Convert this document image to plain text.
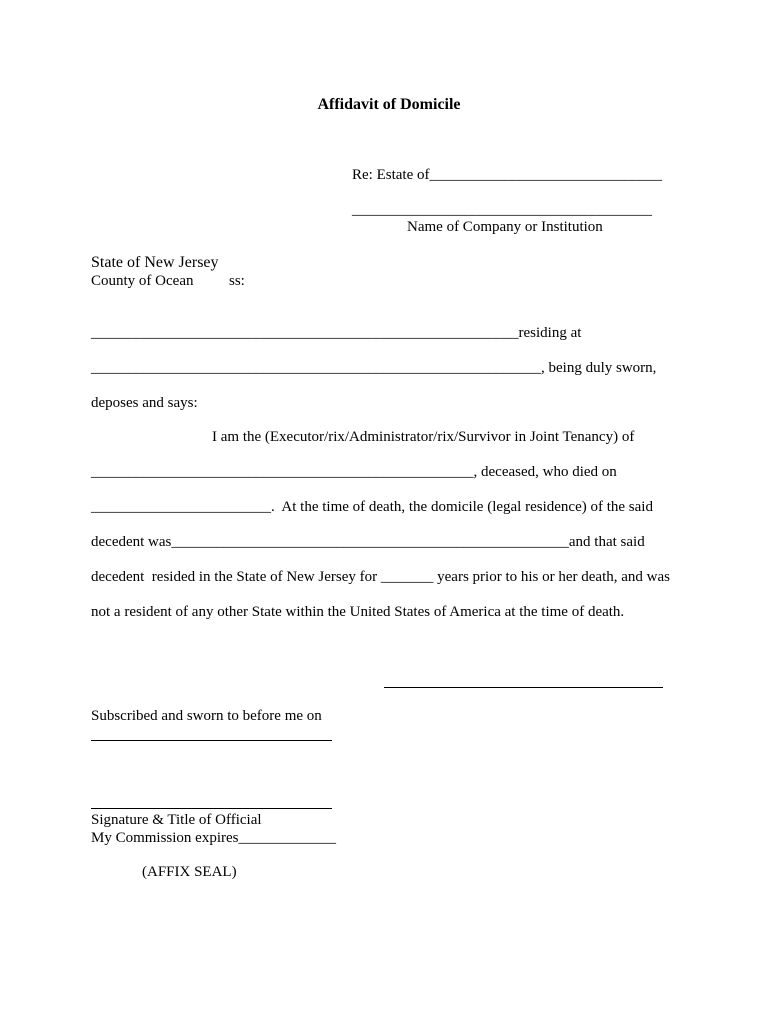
Affidavit of Domicile
Re: Estate of_______________________________
________________________________________
Name of Company or Institution
State of New Jersey
County of Ocean ss:
_________________________________________________________residing at
____________________________________________________________, being duly sworn,
deposes and says:
I am the (Executor/rix/Administrator/rix/Survivor in Joint Tenancy) of
___________________________________________________, deceased, who died on
________________________.  At the time of death, the domicile (legal residence) of the said
decedent was_____________________________________________________and that said
decedent  resided in the State of New Jersey for _______ years prior to his or her death, and was
not a resident of any other State within the United States of America at the time of death.
Subscribed and sworn to before me on
Signature & Title of Official
My Commission expires_____________
(AFFIX SEAL)
